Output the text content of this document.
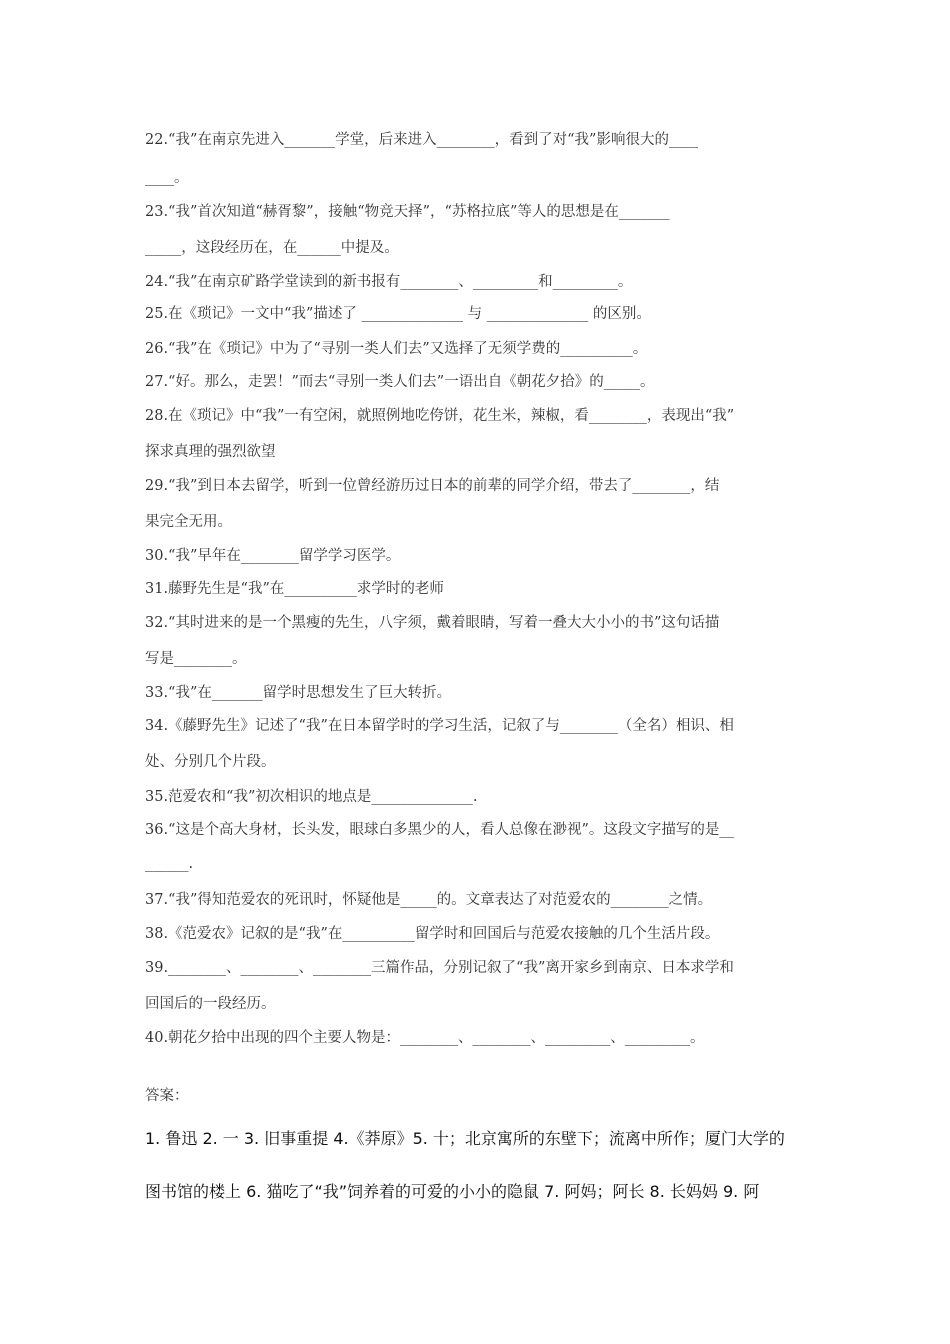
22.“我”在南京先进入_______学堂，后来进入________，看到了对“我”影响很大的____

____。

23.“我”首次知道“赫胥黎”，接触“物竞天择”，“苏格拉底”等人的思想是在_______

_____，这段经历在，在______中提及。

24.“我”在南京矿路学堂读到的新书报有________、_________和_________。

25.在《琐记》一文中“我”描述了 ______________ 与 ______________ 的区别。

26.“我”在《琐记》中为了“寻别一类人们去”又选择了无须学费的__________。

27.“好。那么，走罢！”而去“寻别一类人们去”一语出自《朝花夕拾》的_____。

28.在《琐记》中“我”一有空闲，就照例地吃侉饼，花生米，辣椒，看________，表现出“我”

探求真理的强烈欲望

29.“我”到日本去留学，听到一位曾经游历过日本的前辈的同学介绍，带去了________，结

果完全无用。

30.“我”早年在________留学学习医学。

31.藤野先生是“我”在__________求学时的老师

32.“其时进来的是一个黑瘦的先生，八字须，戴着眼睛，写着一叠大大小小的书”这句话描

写是________。

33.“我”在_______留学时思想发生了巨大转折。

34.《藤野先生》记述了“我”在日本留学时的学习生活，记叙了与________（全名）相识、相

处、分别几个片段。

35.范爱农和“我”初次相识的地点是______________.

36.“这是个高大身材，长头发，眼球白多黑少的人，看人总像在渺视”。这段文字描写的是__

______.

37.“我”得知范爱农的死讯时，怀疑他是_____的。文章表达了对范爱农的________之情。

38.《范爱农》记叙的是“我”在__________留学时和回国后与范爱农接触的几个生活片段。

39.________、________、________三篇作品，分别记叙了“我”离开家乡到南京、日本求学和

回国后的一段经历。

40.朝花夕拾中出现的四个主要人物是：________、________、_________、_________。

答案：

1. 鲁迅 2. 一 3. 旧事重提 4.《莽原》5. 十；北京寓所的东壁下；流离中所作；厦门大学的

图书馆的楼上 6. 猫吃了“我”饲养着的可爱的小小的隐鼠 7. 阿妈；阿长 8. 长妈妈 9. 阿
